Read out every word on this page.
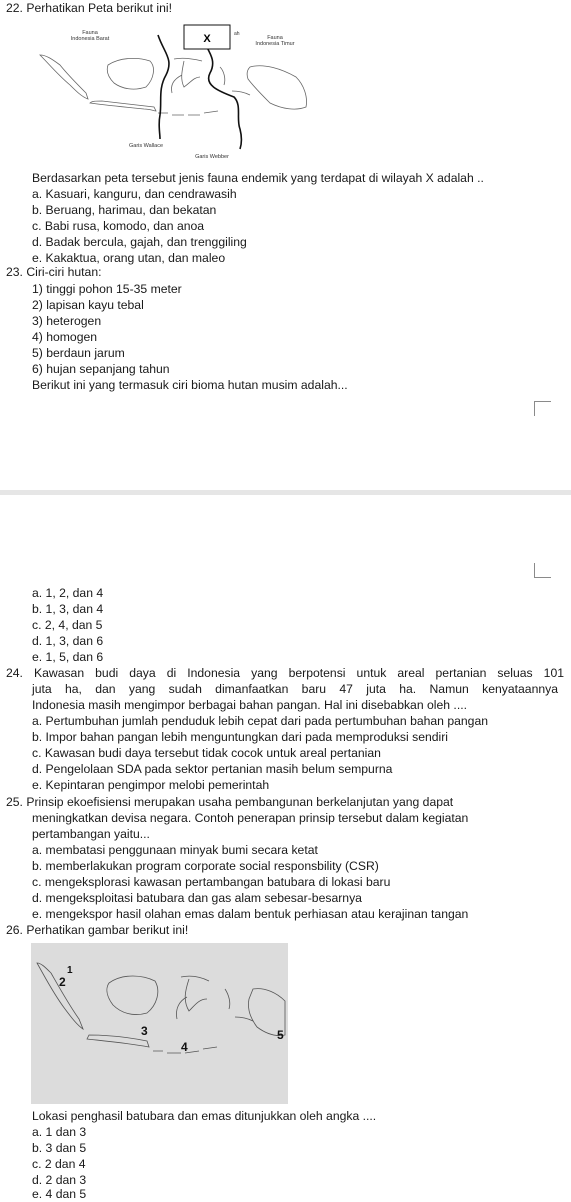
22. Perhatikan Peta berikut ini!
X	ah
Fauna
Indonesia Barat	Fauna
Indonesia Timur
Garis Wallace
Garis Webber
Berdasarkan peta tersebut jenis fauna endemik yang terdapat di wilayah X adalah ..
a. Kasuari, kanguru, dan cendrawasih
b. Beruang, harimau, dan bekatan
c. Babi rusa, komodo, dan anoa
d. Badak bercula, gajah, dan trenggiling
e. Kakaktua, orang utan, dan maleo
23. Ciri-ciri hutan:
1) tinggi pohon 15-35 meter
2) lapisan kayu tebal
3) heterogen
4) homogen
5) berdaun jarum
6) hujan sepanjang tahun
Berikut ini yang termasuk ciri bioma hutan musim adalah...
a. 1, 2, dan 4
b. 1, 3, dan 4
c. 2, 4, dan 5
d. 1, 3, dan 6
e. 1, 5, dan 6
24. Kawasan budi daya di Indonesia yang berpotensi untuk areal pertanian seluas 101
juta ha, dan yang sudah dimanfaatkan baru 47 juta ha. Namun kenyataannya
Indonesia masih mengimpor berbagai bahan pangan. Hal ini disebabkan oleh ....
a. Pertumbuhan jumlah penduduk lebih cepat dari pada pertumbuhan bahan pangan
b. Impor bahan pangan lebih menguntungkan dari pada memproduksi sendiri
c. Kawasan budi daya tersebut tidak cocok untuk areal pertanian
d. Pengelolaan SDA pada sektor pertanian masih belum sempurna
e. Kepintaran pengimpor melobi pemerintah
25. Prinsip ekoefisiensi merupakan usaha pembangunan berkelanjutan yang dapat
meningkatkan devisa negara. Contoh penerapan prinsip tersebut dalam kegiatan
pertambangan yaitu...
a. membatasi penggunaan minyak bumi secara ketat
b. memberlakukan program corporate social responsbility (CSR)
c. mengeksplorasi kawasan pertambangan batubara di lokasi baru
d. mengeksploitasi batubara dan gas alam sebesar-besarnya
e. mengekspor hasil olahan emas dalam bentuk perhiasan atau kerajinan tangan
26. Perhatikan gambar berikut ini!
1
2
3
4
5
Lokasi penghasil batubara dan emas ditunjukkan oleh angka ....
a. 1 dan 3
b. 3 dan 5
c. 2 dan 4
d. 2 dan 3
e. 4 dan 5
